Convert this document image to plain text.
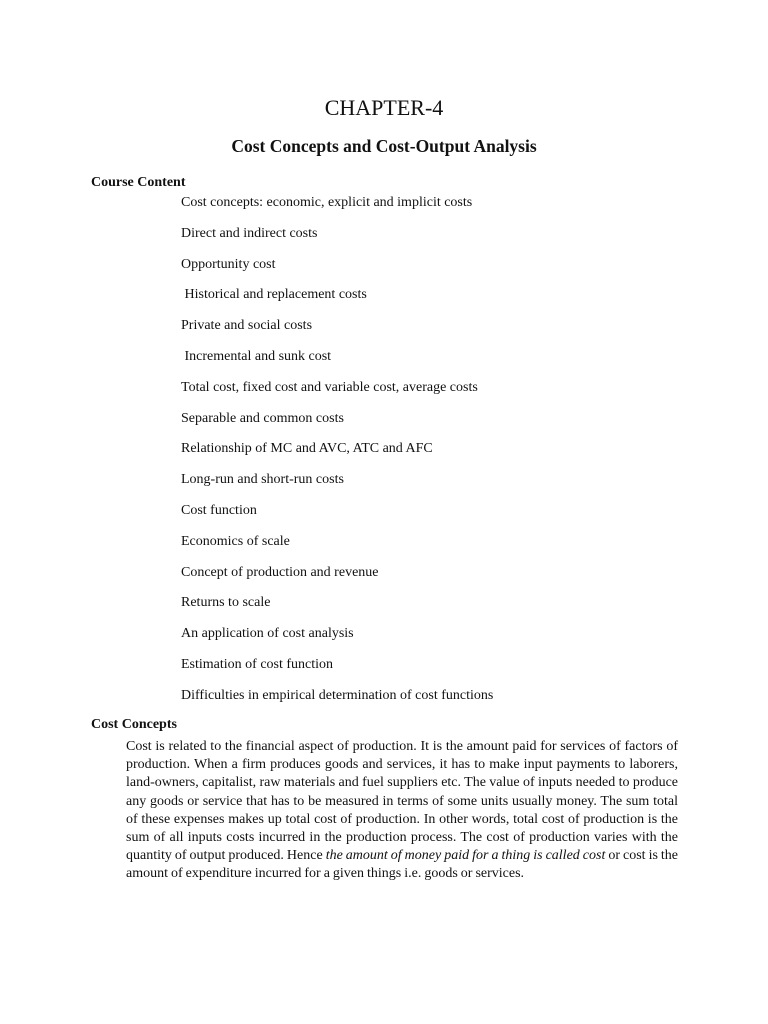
CHAPTER-4
Cost Concepts and Cost-Output Analysis
Course Content
Cost concepts: economic, explicit and implicit costs
Direct and indirect costs
Opportunity cost
Historical and replacement costs
Private and social costs
Incremental and sunk cost
Total cost, fixed cost and variable cost, average costs
Separable and common costs
Relationship of MC and AVC, ATC and AFC
Long-run and short-run costs
Cost function
Economics of scale
Concept of production and revenue
Returns to scale
An application of cost analysis
Estimation of cost function
Difficulties in empirical determination of cost functions
Cost Concepts

Cost is related to the financial aspect of production. It is the amount paid for services of factors of production. When a firm produces goods and services, it has to make input payments to laborers, land-owners, capitalist, raw materials and fuel suppliers etc. The value of inputs needed to produce any goods or service that has to be measured in terms of some units usually money. The sum total of these expenses makes up total cost of production. In other words, total cost of production is the sum of all inputs costs incurred in the production process. The cost of production varies with the quantity of output produced. Hence the amount of money paid for a thing is called cost or cost is the amount of expenditure incurred for a given things i.e. goods or services.
